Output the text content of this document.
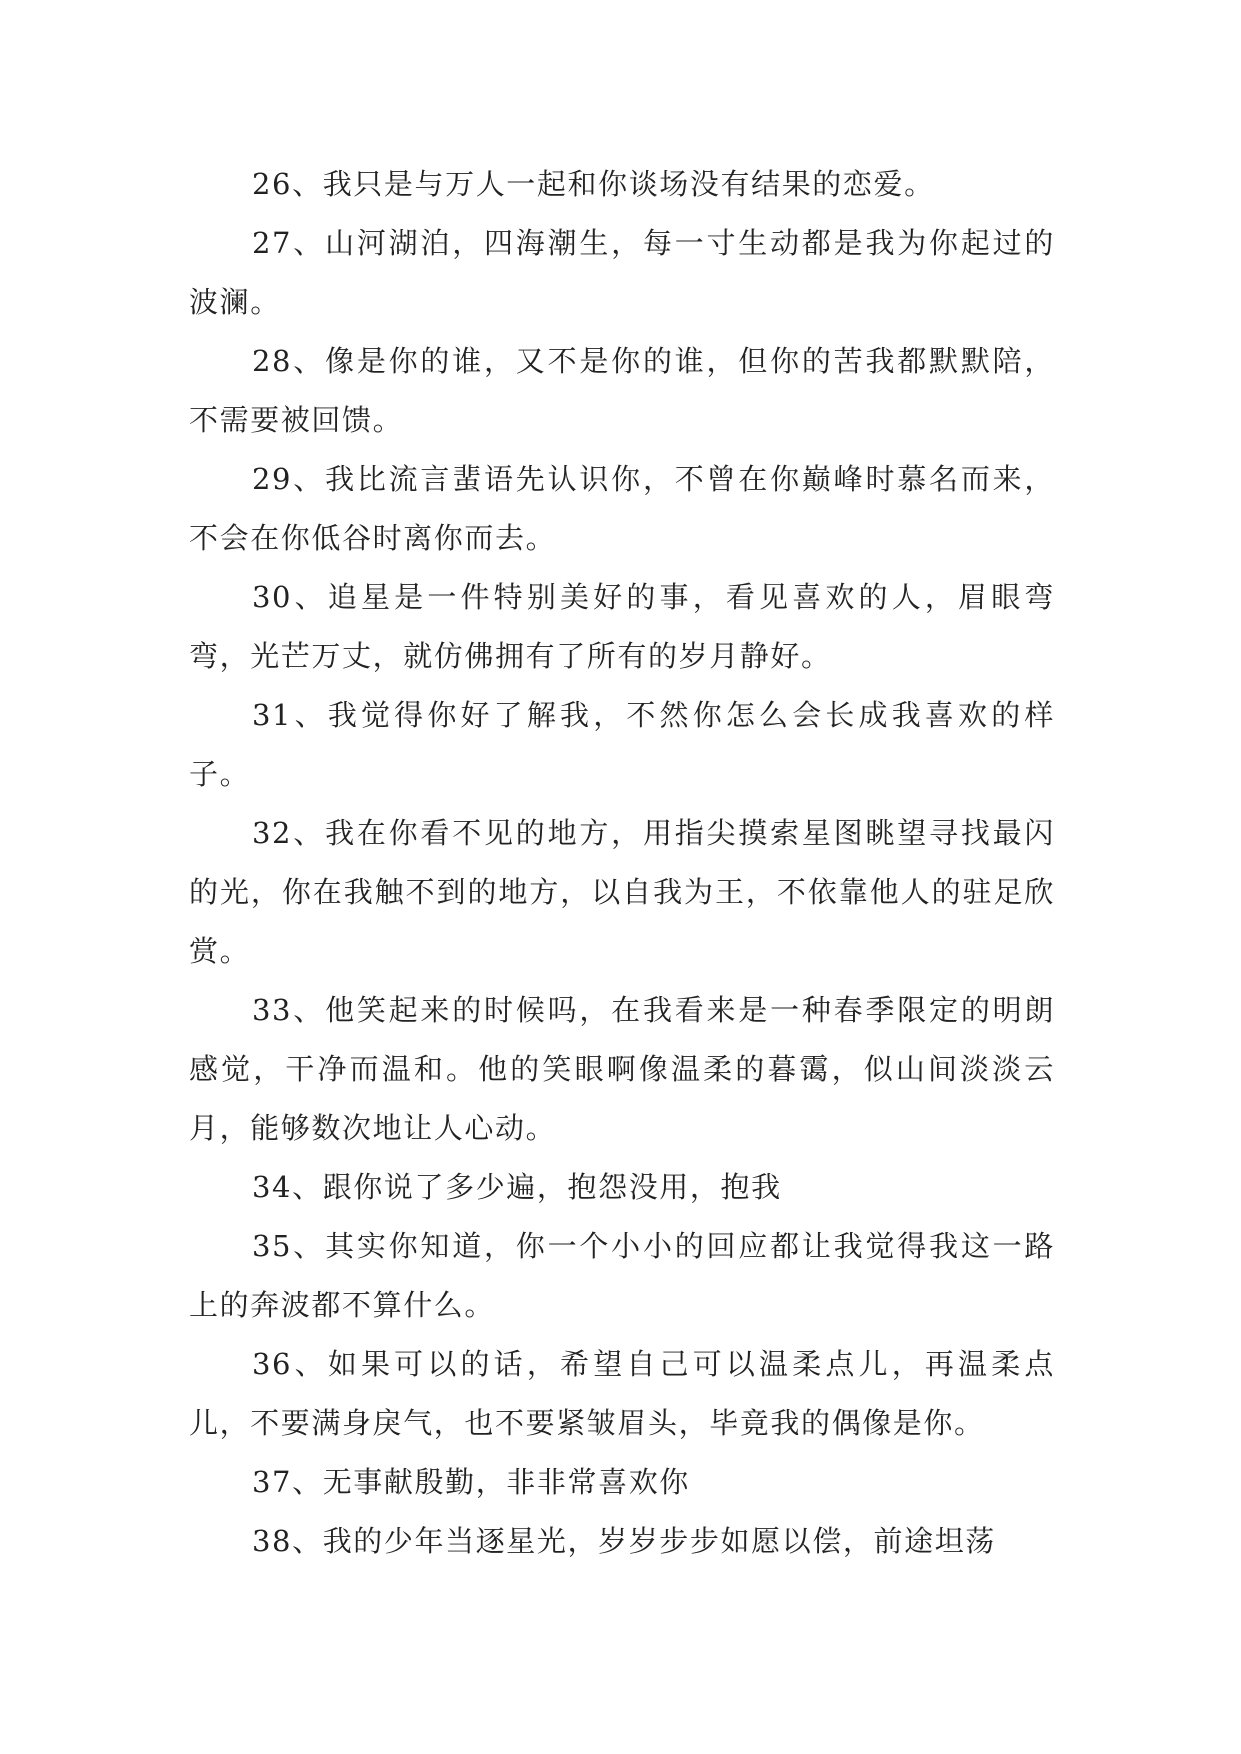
26、我只是与万人一起和你谈场没有结果的恋爱。

27、山河湖泊，四海潮生，每一寸生动都是我为你起过的波澜。

28、像是你的谁，又不是你的谁，但你的苦我都默默陪，不需要被回馈。

29、我比流言蜚语先认识你，不曾在你巅峰时慕名而来，不会在你低谷时离你而去。

30、追星是一件特别美好的事，看见喜欢的人，眉眼弯弯，光芒万丈，就仿佛拥有了所有的岁月静好。

31、我觉得你好了解我，不然你怎么会长成我喜欢的样子。

32、我在你看不见的地方，用指尖摸索星图眺望寻找最闪的光，你在我触不到的地方，以自我为王，不依靠他人的驻足欣赏。

33、他笑起来的时候吗，在我看来是一种春季限定的明朗感觉，干净而温和。他的笑眼啊像温柔的暮霭，似山间淡淡云月，能够数次地让人心动。

34、跟你说了多少遍，抱怨没用，抱我

35、其实你知道，你一个小小的回应都让我觉得我这一路上的奔波都不算什么。

36、如果可以的话，希望自己可以温柔点儿，再温柔点儿，不要满身戾气，也不要紧皱眉头，毕竟我的偶像是你。

37、无事献殷勤，非非常喜欢你

38、我的少年当逐星光，岁岁步步如愿以偿，前途坦荡
